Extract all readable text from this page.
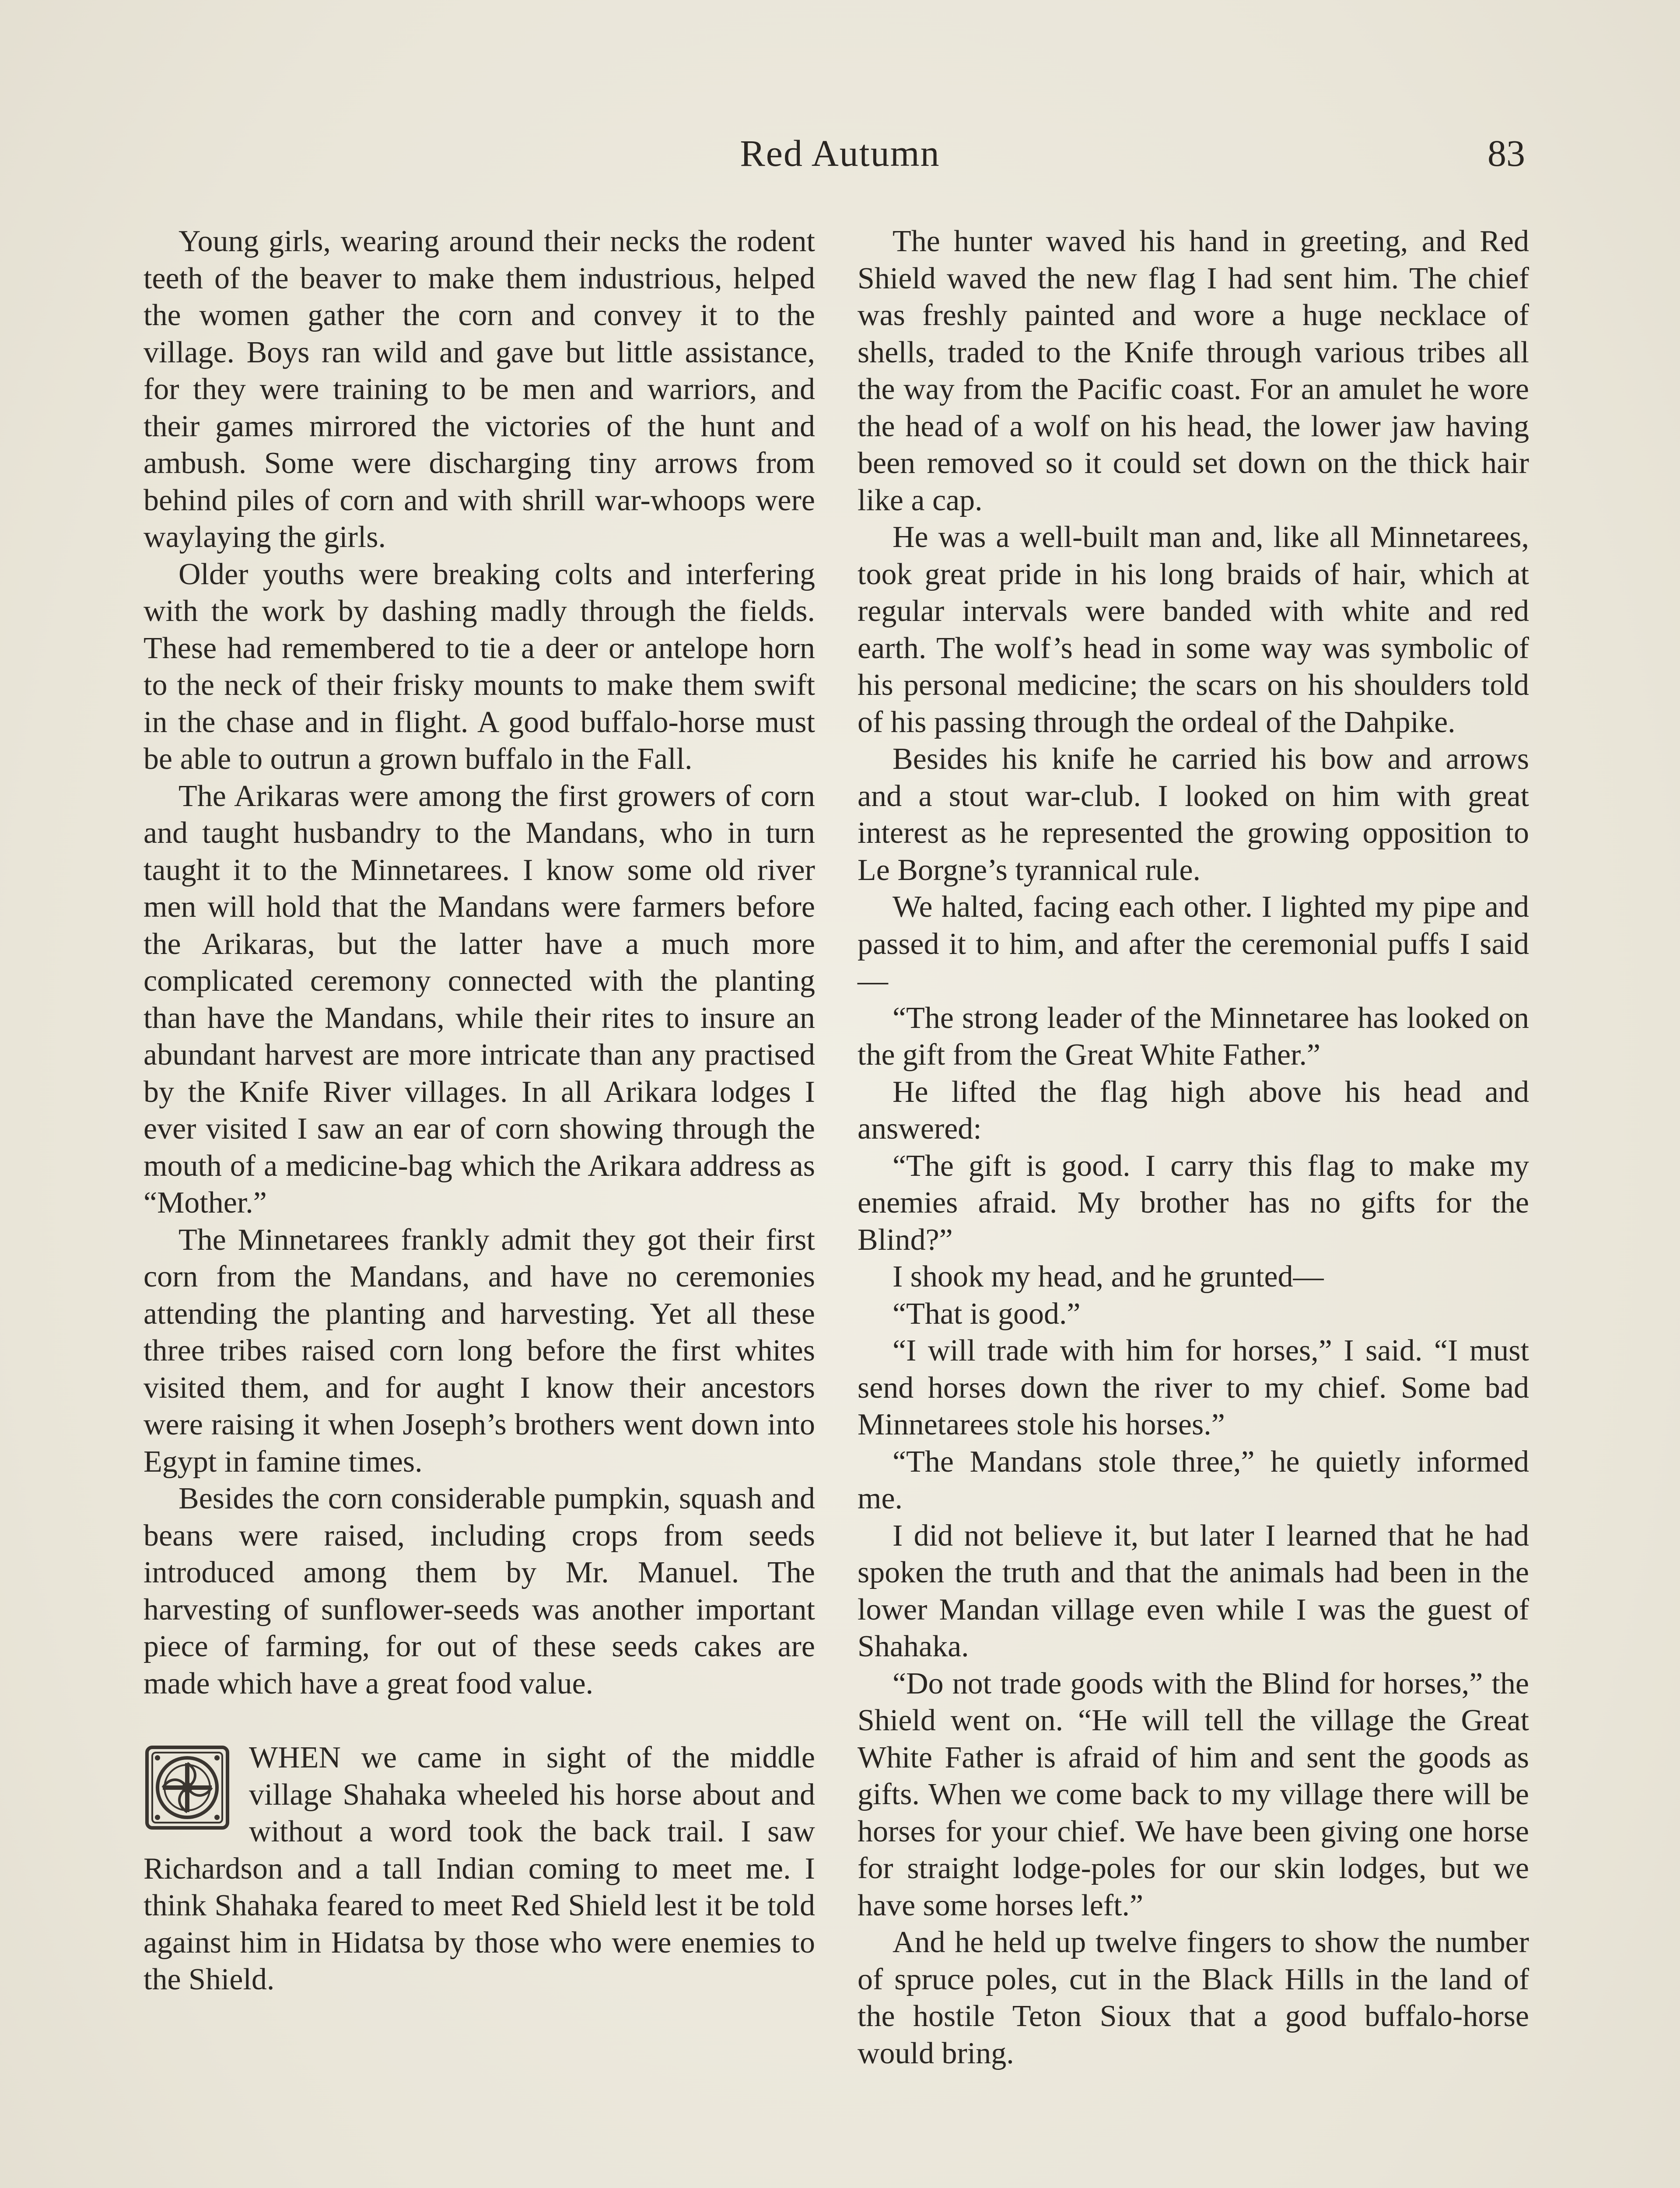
Red Autumn	83

Young girls, wearing around their necks the rodent teeth of the beaver to make them industrious, helped the women gather the corn and convey it to the village. Boys ran wild and gave but little assistance, for they were training to be men and warriors, and their games mirrored the victories of the hunt and ambush. Some were discharging tiny arrows from behind piles of corn and with shrill war-whoops were waylaying the girls.

Older youths were breaking colts and interfering with the work by dashing madly through the fields. These had remembered to tie a deer or antelope horn to the neck of their frisky mounts to make them swift in the chase and in flight. A good buffalo-horse must be able to outrun a grown buffalo in the Fall.

The Arikaras were among the first growers of corn and taught husbandry to the Mandans, who in turn taught it to the Minnetarees. I know some old river men will hold that the Mandans were farmers before the Arikaras, but the latter have a much more complicated ceremony connected with the planting than have the Mandans, while their rites to insure an abundant harvest are more intricate than any practised by the Knife River villages. In all Arikara lodges I ever visited I saw an ear of corn showing through the mouth of a medicine-bag which the Arikara address as “Mother.”

The Minnetarees frankly admit they got their first corn from the Mandans, and have no ceremonies attending the planting and harvesting. Yet all these three tribes raised corn long before the first whites visited them, and for aught I know their ancestors were raising it when Joseph’s brothers went down into Egypt in famine times.

Besides the corn considerable pumpkin, squash and beans were raised, including crops from seeds introduced among them by Mr. Manuel. The harvesting of sunflower-seeds was another important piece of farming, for out of these seeds cakes are made which have a great food value.

WHEN we came in sight of the middle village Shahaka wheeled his horse about and without a word took the back trail. I saw Richardson and a tall Indian coming to meet me. I think Shahaka feared to meet Red Shield lest it be told against him in Hidatsa by those who were enemies to the Shield.

The hunter waved his hand in greeting, and Red Shield waved the new flag I had sent him. The chief was freshly painted and wore a huge necklace of shells, traded to the Knife through various tribes all the way from the Pacific coast. For an amulet he wore the head of a wolf on his head, the lower jaw having been removed so it could set down on the thick hair like a cap.

He was a well-built man and, like all Minnetarees, took great pride in his long braids of hair, which at regular intervals were banded with white and red earth. The wolf’s head in some way was symbolic of his personal medicine; the scars on his shoulders told of his passing through the ordeal of the Dahpike.

Besides his knife he carried his bow and arrows and a stout war-club. I looked on him with great interest as he represented the growing opposition to Le Borgne’s tyrannical rule.

We halted, facing each other. I lighted my pipe and passed it to him, and after the ceremonial puffs I said—

“The strong leader of the Minnetaree has looked on the gift from the Great White Father.”

He lifted the flag high above his head and answered:

“The gift is good. I carry this flag to make my enemies afraid. My brother has no gifts for the Blind?”

I shook my head, and he grunted—

“That is good.”

“I will trade with him for horses,” I said. “I must send horses down the river to my chief. Some bad Minnetarees stole his horses.”

“The Mandans stole three,” he quietly informed me.

I did not believe it, but later I learned that he had spoken the truth and that the animals had been in the lower Mandan village even while I was the guest of Shahaka.

“Do not trade goods with the Blind for horses,” the Shield went on. “He will tell the village the Great White Father is afraid of him and sent the goods as gifts. When we come back to my village there will be horses for your chief. We have been giving one horse for straight lodge-poles for our skin lodges, but we have some horses left.”

And he held up twelve fingers to show the number of spruce poles, cut in the Black Hills in the land of the hostile Teton Sioux that a good buffalo-horse would bring.
